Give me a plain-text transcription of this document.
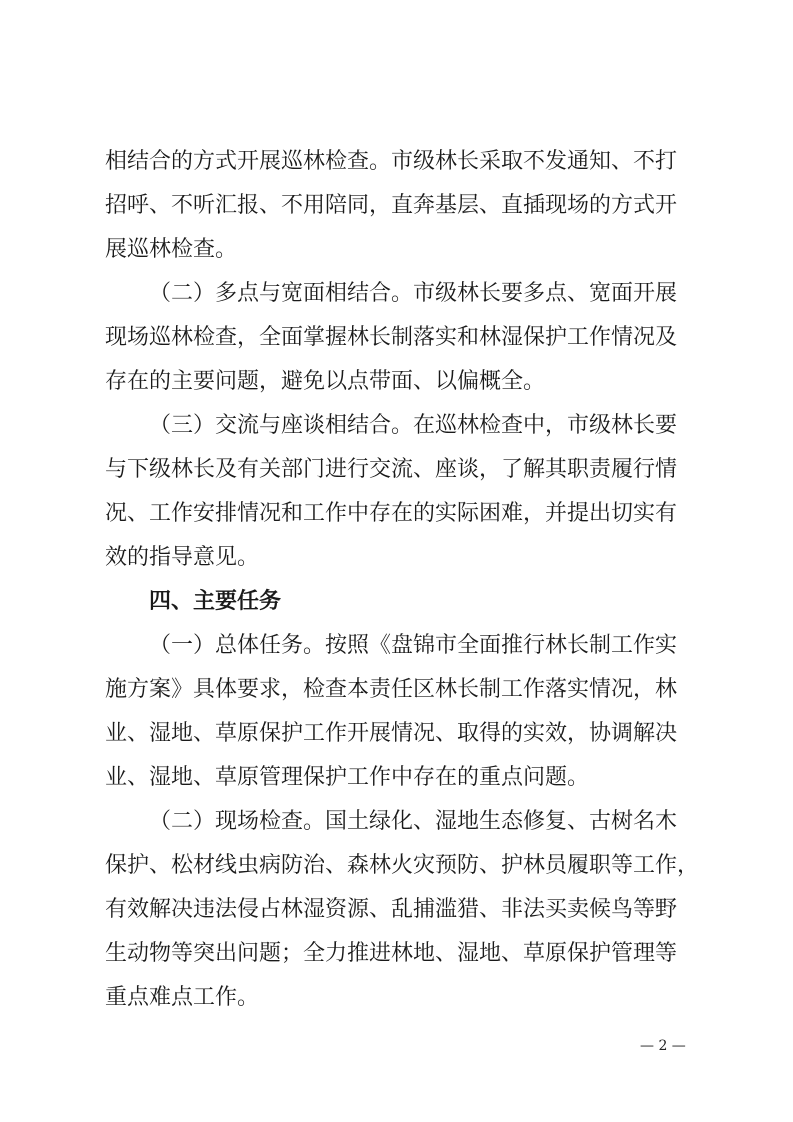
相结合的方式开展巡林检查。市级林长采取不发通知、不打
招呼、不听汇报、不用陪同，直奔基层、直插现场的方式开
展巡林检查。
（二）多点与宽面相结合。市级林长要多点、宽面开展
现场巡林检查，全面掌握林长制落实和林湿保护工作情况及
存在的主要问题，避免以点带面、以偏概全。
（三）交流与座谈相结合。在巡林检查中，市级林长要
与下级林长及有关部门进行交流、座谈，了解其职责履行情
况、工作安排情况和工作中存在的实际困难，并提出切实有
效的指导意见。
四、主要任务
（一）总体任务。按照《盘锦市全面推行林长制工作实
施方案》具体要求，检查本责任区林长制工作落实情况，林
业、湿地、草原保护工作开展情况、取得的实效，协调解决
业、湿地、草原管理保护工作中存在的重点问题。
（二）现场检查。国土绿化、湿地生态修复、古树名木
保护、松材线虫病防治、森林火灾预防、护林员履职等工作，
有效解决违法侵占林湿资源、乱捕滥猎、非法买卖候鸟等野
生动物等突出问题；全力推进林地、湿地、草原保护管理等
重点难点工作。
— 2 —
